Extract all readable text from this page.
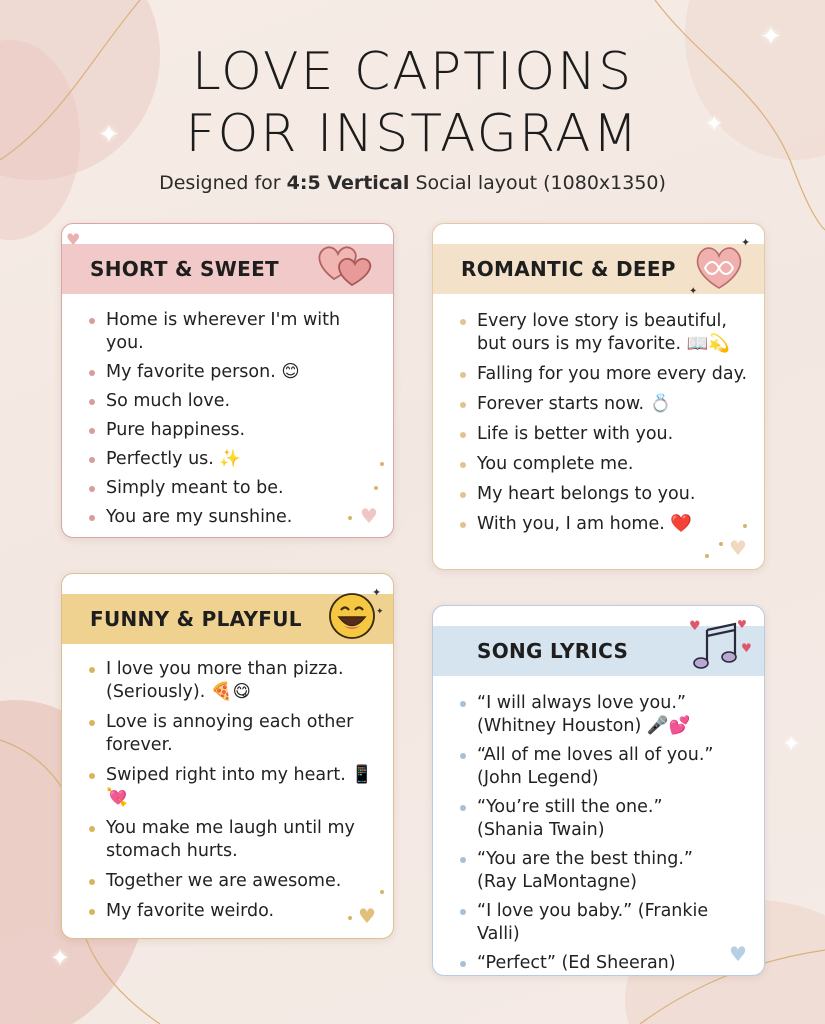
✦
✦
✦
✦
✦
LOVE CAPTIONS
FOR INSTAGRAM
Designed for 4:5 Vertical Social layout (1080x1350)
SHORT & SWEET
♥
Home is wherever I'm with you.
My favorite person. 😊
So much love.
Pure happiness.
Perfectly us. ✨
Simply meant to be.
You are my sunshine.	♥
ROMANTIC & DEEP
✦
✦
Every love story is beautiful,
but ours is my favorite. 📖💫
Falling for you more every day.
Forever starts now. 💍
Life is better with you.
You complete me.
My heart belongs to you.
With you, I am home. ❤️
♥
FUNNY & PLAYFUL
✦
✦
I love you more than pizza.
(Seriously). 🍕😋
Love is annoying each other
forever.
Swiped right into my heart. 📱💘
You make me laugh until my
stomach hurts.
Together we are awesome.
My favorite weirdo.	♥
SONG LYRICS
♥	♥
♥
“I will always love you.”
(Whitney Houston) 🎤💕
“All of me loves all of you.”
(John Legend)
“You’re still the one.”
(Shania Twain)
“You are the best thing.”
(Ray LaMontagne)
“I love you baby.” (Frankie Valli)
“Perfect” (Ed Sheeran)	♥
